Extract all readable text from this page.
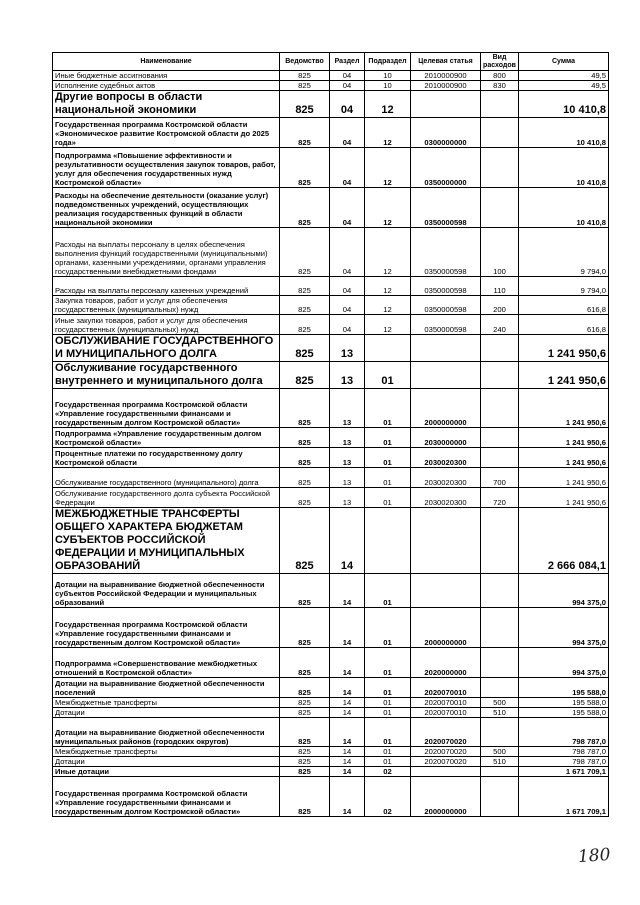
Наименование	Ведомство	Раздел	Подраздел	Целевая статья	Вид расходов	Сумма
Иные бюджетные ассигнования	825	04	10	2010000900	800	49,5
Исполнение судебных актов	825	04	10	2010000900	830	49,5
Другие вопросы в области национальной экономики	825	04	12			10 410,8
Государственная программа Костромской области «Экономическое развитие Костромской области до 2025 года»	825	04	12	0300000000		10 410,8
Подпрограмма «Повышение эффективности и результативности осуществления закупок товаров, работ, услуг для обеспечения государственных нужд Костромской области»	825	04	12	0350000000		10 410,8
Расходы на обеспечение деятельности (оказание услуг) подведомственных учреждений, осуществляющих реализация государственных функций в области национальной экономики	825	04	12	0350000598		10 410,8
Расходы на выплаты персоналу в целях обеспечения выполнения функций государственными (муниципальными) органами, казенными учреждениями, органами управления государственными внебюджетными фондами	825	04	12	0350000598	100	9 794,0
Расходы на выплаты персоналу казенных учреждений	825	04	12	0350000598	110	9 794,0
Закупка товаров, работ и услуг для обеспечения государственных (муниципальных) нужд	825	04	12	0350000598	200	616,8
Иные закупки товаров, работ и услуг для обеспечения государственных (муниципальных) нужд	825	04	12	0350000598	240	616,8
ОБСЛУЖИВАНИЕ ГОСУДАРСТВЕННОГО И МУНИЦИПАЛЬНОГО ДОЛГА	825	13				1 241 950,6
Обслуживание государственного внутреннего и муниципального долга	825	13	01			1 241 950,6
Государственная программа Костромской области «Управление государственными финансами и государственным долгом Костромской области»	825	13	01	2000000000		1 241 950,6
Подпрограмма «Управление государственным долгом Костромской области»	825	13	01	2030000000		1 241 950,6
Процентные платежи по государственному долгу Костромской области	825	13	01	2030020300		1 241 950,6
Обслуживание государственного (муниципального) долга	825	13	01	2030020300	700	1 241 950,6
Обслуживание государственного долга субъекта Российской Федерации	825	13	01	2030020300	720	1 241 950,6
МЕЖБЮДЖЕТНЫЕ ТРАНСФЕРТЫ ОБЩЕГО ХАРАКТЕРА БЮДЖЕТАМ СУБЪЕКТОВ РОССИЙСКОЙ ФЕДЕРАЦИИ И МУНИЦИПАЛЬНЫХ ОБРАЗОВАНИЙ	825	14				2 666 084,1
Дотации на выравнивание бюджетной обеспеченности субъектов Российской Федерации и муниципальных образований	825	14	01			994 375,0
Государственная программа Костромской области «Управление государственными финансами и государственным долгом Костромской области»	825	14	01	2000000000		994 375,0
Подпрограмма «Совершенствование межбюджетных отношений в Костромской области»	825	14	01	2020000000		994 375,0
Дотации на выравнивание бюджетной обеспеченности поселений	825	14	01	2020070010		195 588,0
Межбюджетные трансферты	825	14	01	2020070010	500	195 588,0
Дотации	825	14	01	2020070010	510	195 588,0
Дотации на выравнивание бюджетной обеспеченности муниципальных районов (городских округов)	825	14	01	2020070020		798 787,0
Межбюджетные трансферты	825	14	01	2020070020	500	798 787,0
Дотации	825	14	01	2020070020	510	798 787,0
Иные дотации	825	14	02			1 671 709,1
Государственная программа Костромской области «Управление государственными финансами и государственным долгом Костромской области»	825	14	02	2000000000		1 671 709,1
180
